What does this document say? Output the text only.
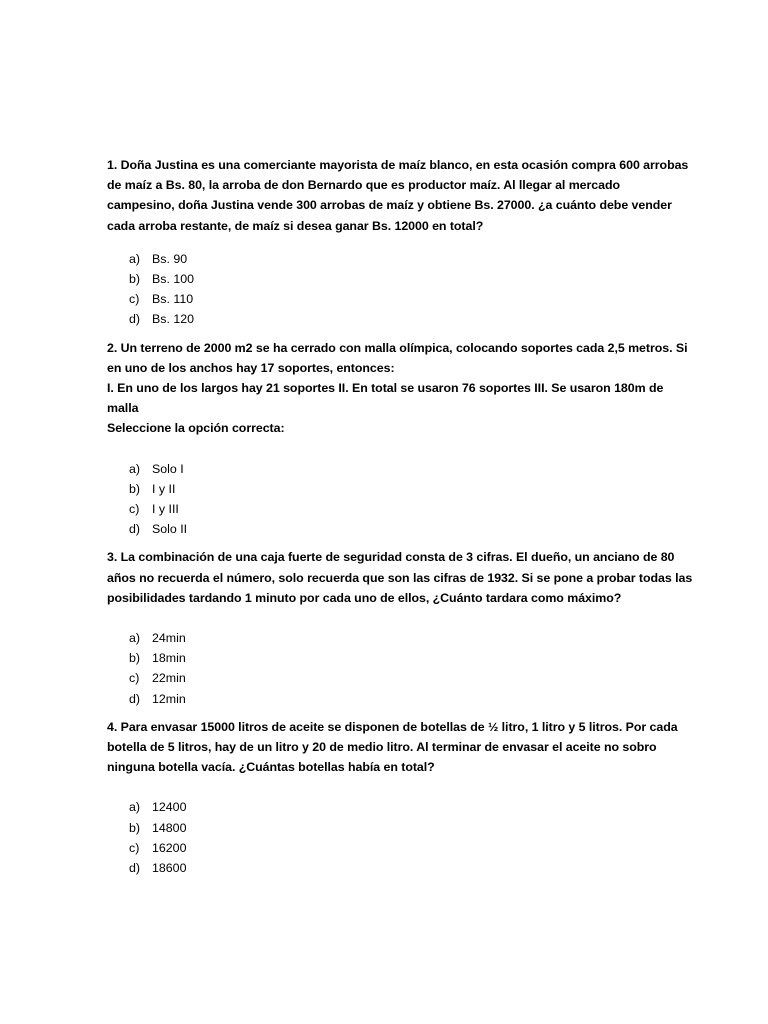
1. Doña Justina es una comerciante mayorista de maíz blanco, en esta ocasión compra 600 arrobas
de maíz a Bs. 80, la arroba de don Bernardo que es productor maíz. Al llegar al mercado
campesino, doña Justina vende 300 arrobas de maíz y obtiene Bs. 27000. ¿a cuánto debe vender
cada arroba restante, de maíz si desea ganar Bs. 12000 en total?

a) Bs. 90
b) Bs. 100
c)	Bs. 110
d) Bs. 120

2. Un terreno de 2000 m2 se ha cerrado con malla olímpica, colocando soportes cada 2,5 metros. Si
en uno de los anchos hay 17 soportes, entonces:
I. En uno de los largos hay 21 soportes II. En total se usaron 76 soportes III. Se usaron 180m de
malla
Seleccione la opción correcta:

a) Solo I
b) I y II
c)	I y III
d) Solo II

3. La combinación de una caja fuerte de seguridad consta de 3 cifras. El dueño, un anciano de 80
años no recuerda el número, solo recuerda que son las cifras de 1932. Si se pone a probar todas las
posibilidades tardando 1 minuto por cada uno de ellos, ¿Cuánto tardara como máximo?

a) 24min
b) 18min
c)	22min
d) 12min

4. Para envasar 15000 litros de aceite se disponen de botellas de ½ litro, 1 litro y 5 litros. Por cada
botella de 5 litros, hay de un litro y 20 de medio litro. Al terminar de envasar el aceite no sobro
ninguna botella vacía. ¿Cuántas botellas había en total?

a) 12400
b) 14800
c)	16200
d) 18600
